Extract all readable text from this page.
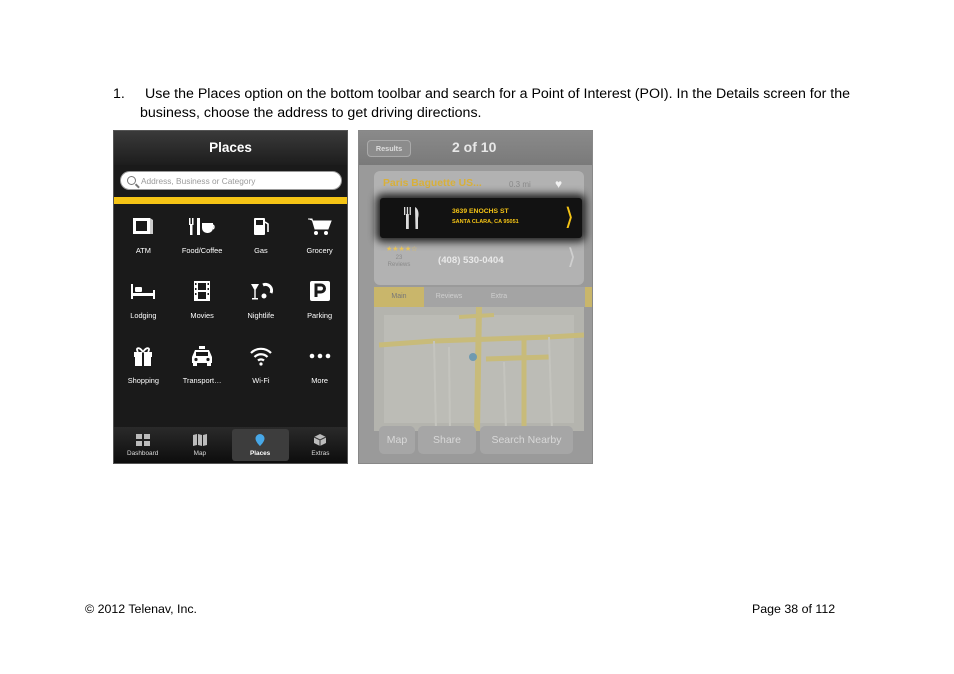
1.	Use the Places option on the bottom toolbar and search for a Point of Interest (POI). In the Details screen for the business, choose the address to get driving directions.
Places
Address, Business or Category
ATM	Food/Coffee	Gas	Grocery
Lodging	Movies	Nightlife	Parking
Shopping	Transport…	Wi-Fi	More
Dashboard	Map	Places	Extras
Results	2 of 10
Paris Baguette US...	0.3 mi ♥
3639 ENOCHS ST
SANTA CLARA, CA 95051 ⟩
★★★★☆
23
Reviews	(408) 530-0404	⟩
Main	Reviews	Extra
Map	Share	Search Nearby
© 2012 Telenav, Inc.	Page 38 of 112
